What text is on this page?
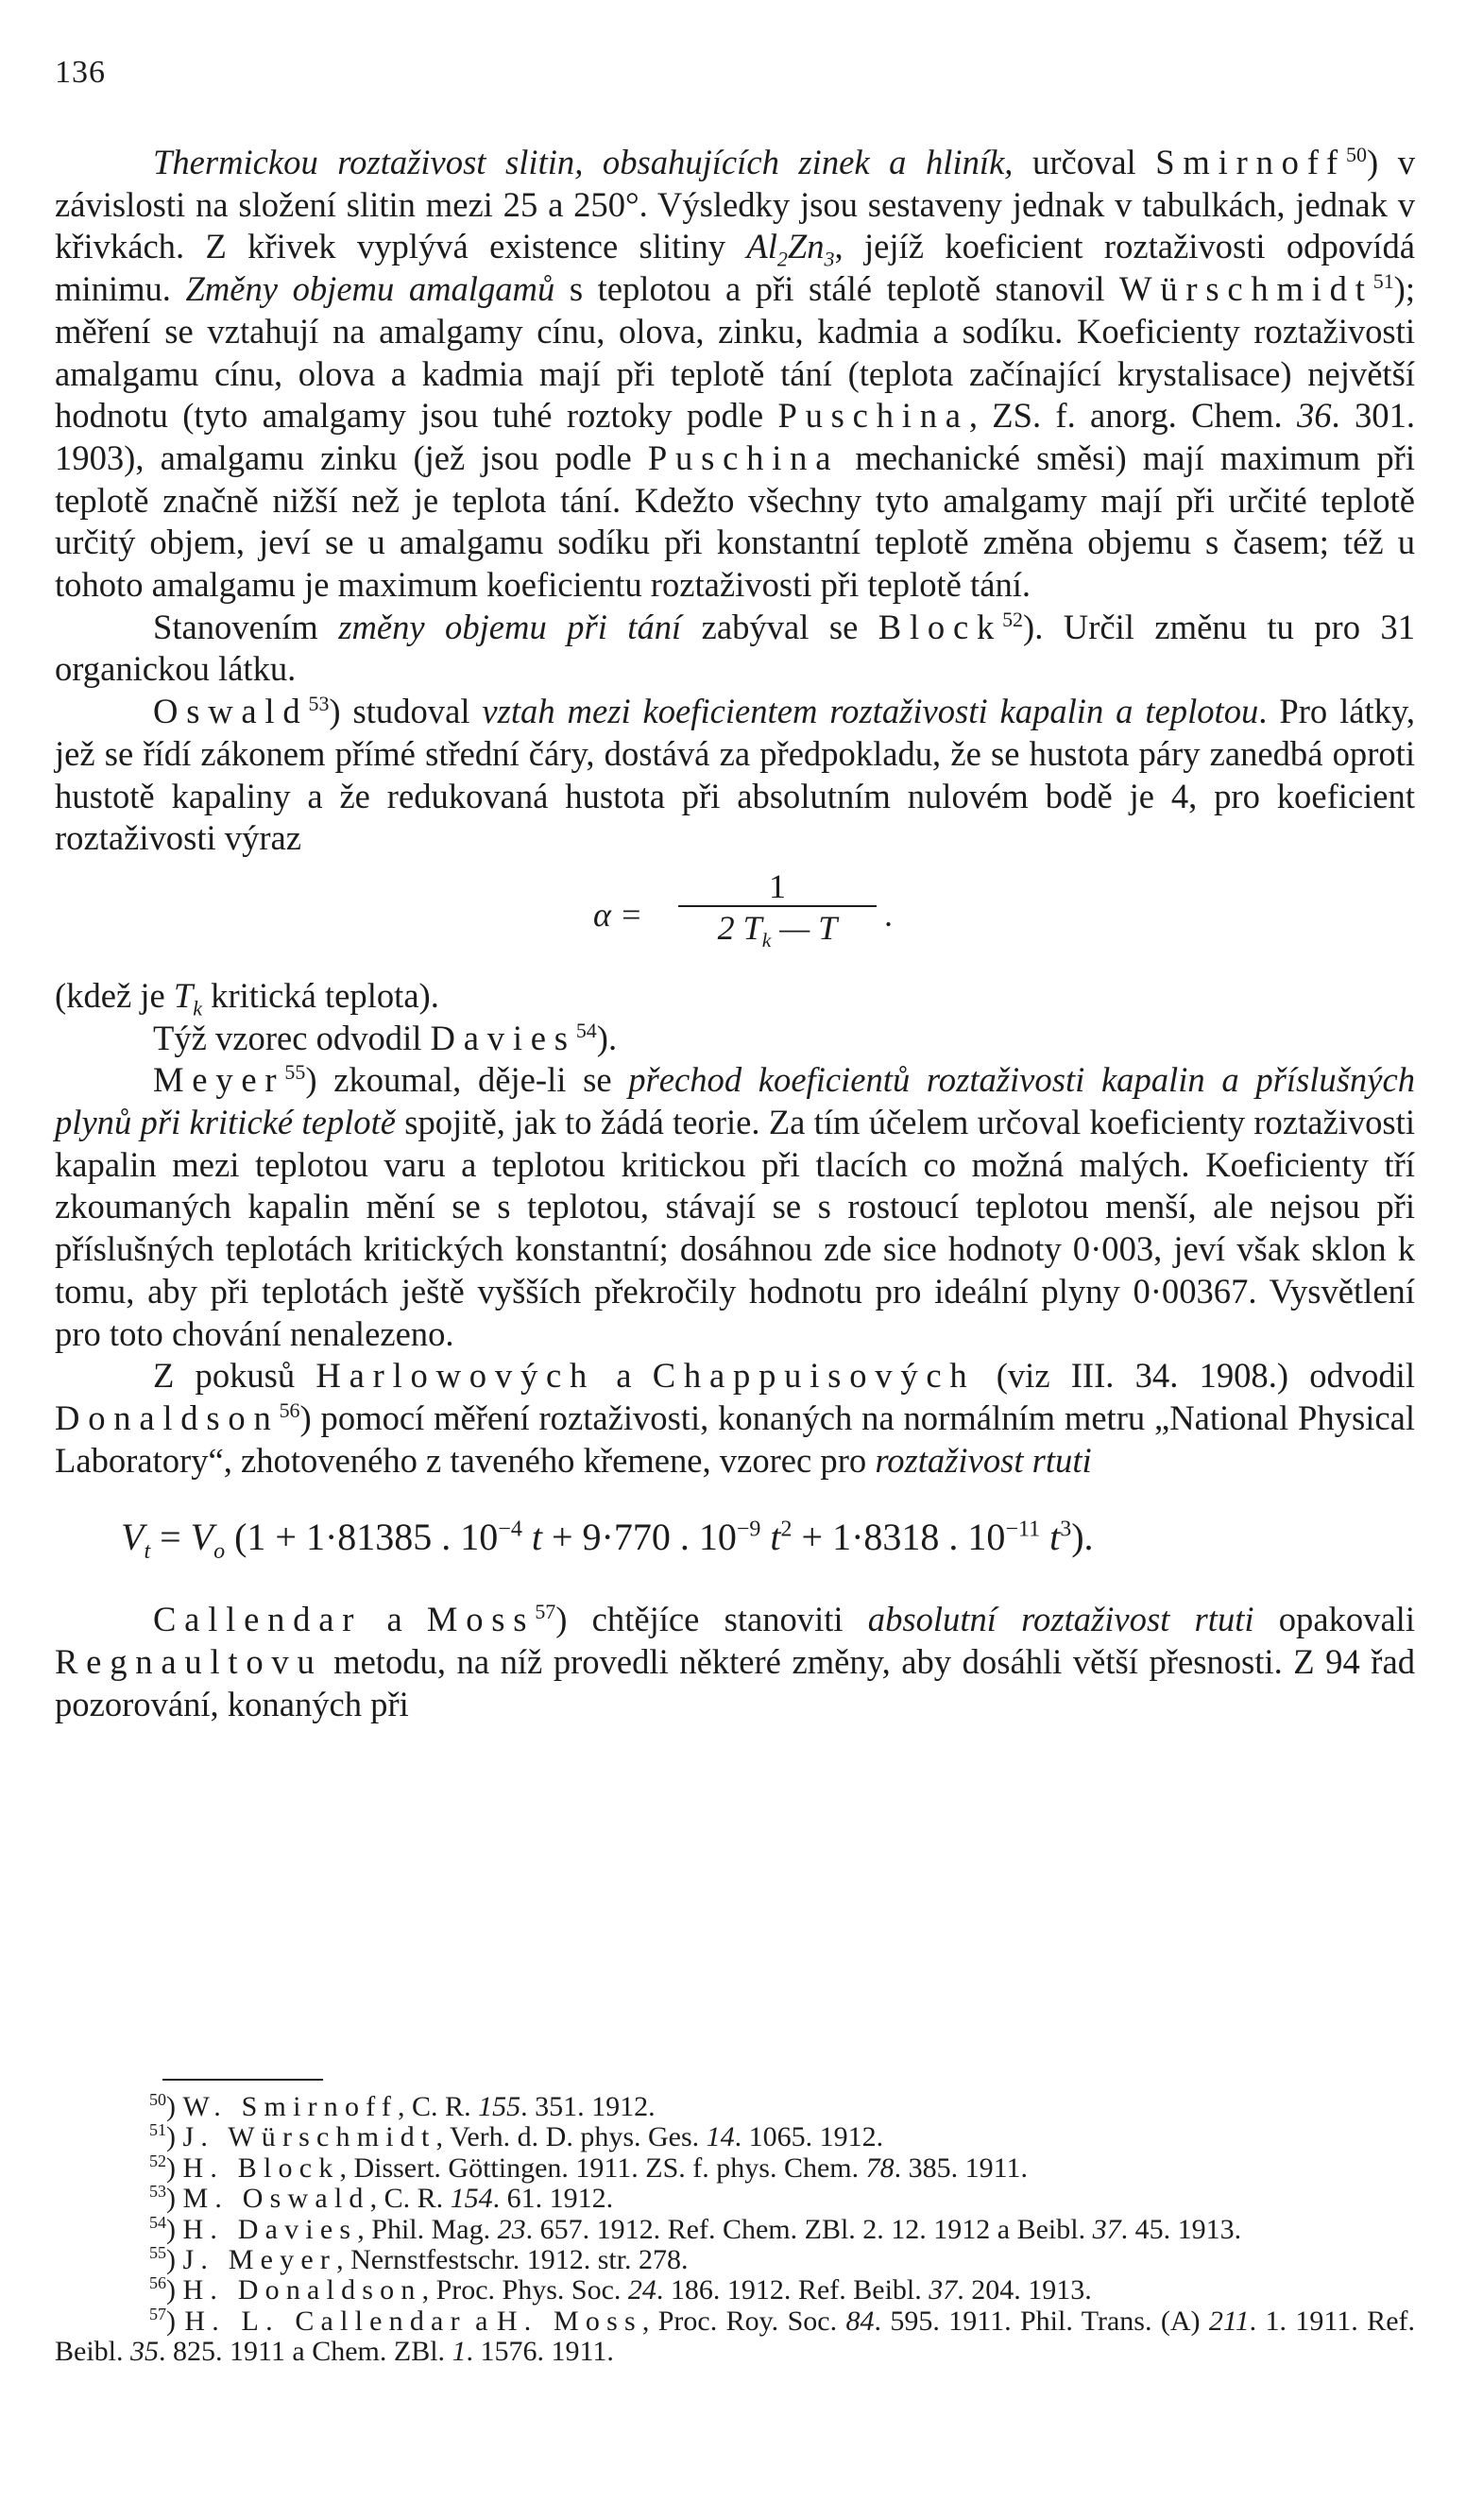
136

Thermickou roztaživost slitin, obsahujících zinek a hliník, určoval Smirnoff$^{50}$) v závislosti na složení slitin mezi 25 a 250°. Výsledky jsou sestaveny jednak v tabulkách, jednak v křivkách. Z křivek vyplývá existence slitiny $Al_2Zn_3$, jejíž koeficient roztaživosti odpovídá minimu. Změny objemu amalgamů s teplotou a při stálé teplotě stanovil Würschmidt$^{51}$); měření se vztahují na amalgamy cínu, olova, zinku, kadmia a sodíku. Koeficienty roztaživosti amalgamu cínu, olova a kadmia mají při teplotě tání (teplota začínající krystalisace) největší hodnotu (tyto amalgamy jsou tuhé roztoky podle Puschina, ZS. f. anorg. Chem. 36. 301. 1903), amalgamu zinku (jež jsou podle Puschina mechanické směsi) mají maximum při teplotě značně nižší než je teplota tání. Kdežto všechny tyto amalgamy mají při určité teplotě určitý objem, jeví se u amalgamu sodíku při konstantní teplotě změna objemu s časem; též u tohoto amalgamu je maximum koeficientu roztaživosti při teplotě tání.

Stanovením změny objemu při tání zabýval se Block$^{52}$). Určil změnu tu pro 31 organickou látku.

Oswald$^{53}$) studoval vztah mezi koeficientem roztaživosti kapalin a teplotou. Pro látky, jež se řídí zákonem přímé střední čáry, dostává za předpokladu, že se hustota páry zanedbá oproti hustotě kapaliny a že redukovaná hustota při absolutním nulovém bodě je 4, pro koeficient roztaživosti výraz

$\alpha = \frac{1}{2 T_k — T}$ .

(kdež je $T_k$ kritická teplota).

Týž vzorec odvodil Davies$^{54}$).

Meyer$^{55}$) zkoumal, děje-li se přechod koeficientů roztaživosti kapalin a příslušných plynů při kritické teplotě spojitě, jak to žádá teorie. Za tím účelem určoval koeficienty roztaživosti kapalin mezi teplotou varu a teplotou kritickou při tlacích co možná malých. Koeficienty tří zkoumaných kapalin mění se s teplotou, stávají se s rostoucí teplotou menší, ale nejsou při příslušných teplotách kritických konstantní; dosáhnou zde sice hodnoty 0·003, jeví však sklon k tomu, aby při teplotách ještě vyšších překročily hodnotu pro ideální plyny 0·00367. Vysvětlení pro toto chování nenalezeno.

Z pokusů Harlowových a Chappuisových (viz III. 34. 1908.) odvodil Donaldson$^{56}$) pomocí měření roztaživosti, konaných na normálním metru „National Physical Laboratory“, zhotoveného z taveného křemene, vzorec pro roztaživost rtuti

$V_t = V_o$ (1 + 1·81385 . $10^{-4}$ t + 9·770 . $10^{-9}$ $t^2 + 1\cdot 8318$ . $10^{-11}$ $t^3$).

Callendar a Moss$^{57}$) chtějíce stanoviti absolutní roztaživost rtuti opakovali Regnaultovu metodu, na níž provedli některé změny, aby dosáhli větší přesnosti. Z 94 řad pozorování, konaných při

$^{50}$) W. Smirnoff, C. R. 155. 351. 1912.

$^{51}$) J. Würschmidt, Verh. d. D. phys. Ges. 14. 1065. 1912.

$^{52}$) H. Block, Dissert. Göttingen. 1911. ZS. f. phys. Chem. 78. 385. 1911.

$^{53}$) M. Oswald, C. R. 154. 61. 1912.

$^{54}$) H. Davies, Phil. Mag. 23. 657. 1912. Ref. Chem. ZBl. 2. 12. 1912 a Beibl. 37. 45. 1913.

$^{55}$) J. Meyer, Nernstfestschr. 1912. str. 278.

$^{56}$) H. Donaldson, Proc. Phys. Soc. 24. 186. 1912. Ref. Beibl. 37. 204. 1913.

$^{57}$) H. L. Callendar a H. Moss, Proc. Roy. Soc. 84. 595. 1911. Phil. Trans. (A) 211. 1. 1911. Ref. Beibl. 35. 825. 1911 a Chem. ZBl. 1. 1576. 1911.
